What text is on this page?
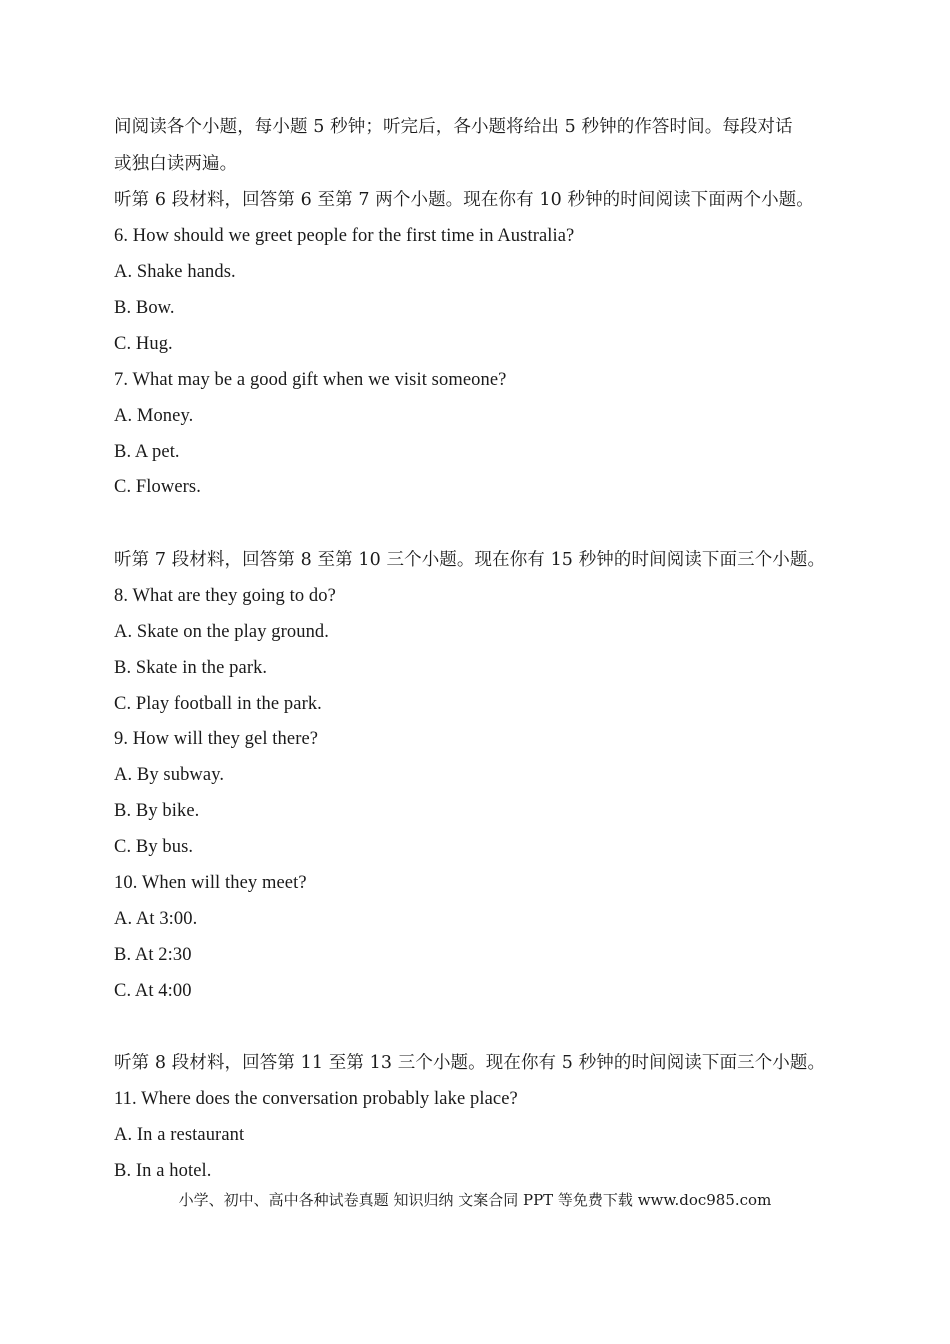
间阅读各个小题，每小题 5 秒钟；听完后，各小题将给出 5 秒钟的作答时间。每段对话
或独白读两遍。
听第 6 段材料，回答第 6 至第 7 两个小题。现在你有 10 秒钟的时间阅读下面两个小题。
6. How should we greet people for the first time in Australia?
A. Shake hands.
B. Bow.
C. Hug.
7. What may be a good gift when we visit someone?
A. Money.
B. A pet.
C. Flowers.
听第 7 段材料，回答第 8 至第 10 三个小题。现在你有 15 秒钟的时间阅读下面三个小题。
8. What are they going to do?
A. Skate on the play ground.
B. Skate in the park.
C. Play football in the park.
9. How will they gel there?
A. By subway.
B. By bike.
C. By bus.
10. When will they meet?
A. At 3:00.
B. At 2:30
C. At 4:00
听第 8 段材料，回答第 11 至第 13 三个小题。现在你有 5 秒钟的时间阅读下面三个小题。
11. Where does the conversation probably lake place?
A. In a restaurant
B. In a hotel.
小学、初中、高中各种试卷真题 知识归纳 文案合同 PPT 等免费下载 www.doc985.com
